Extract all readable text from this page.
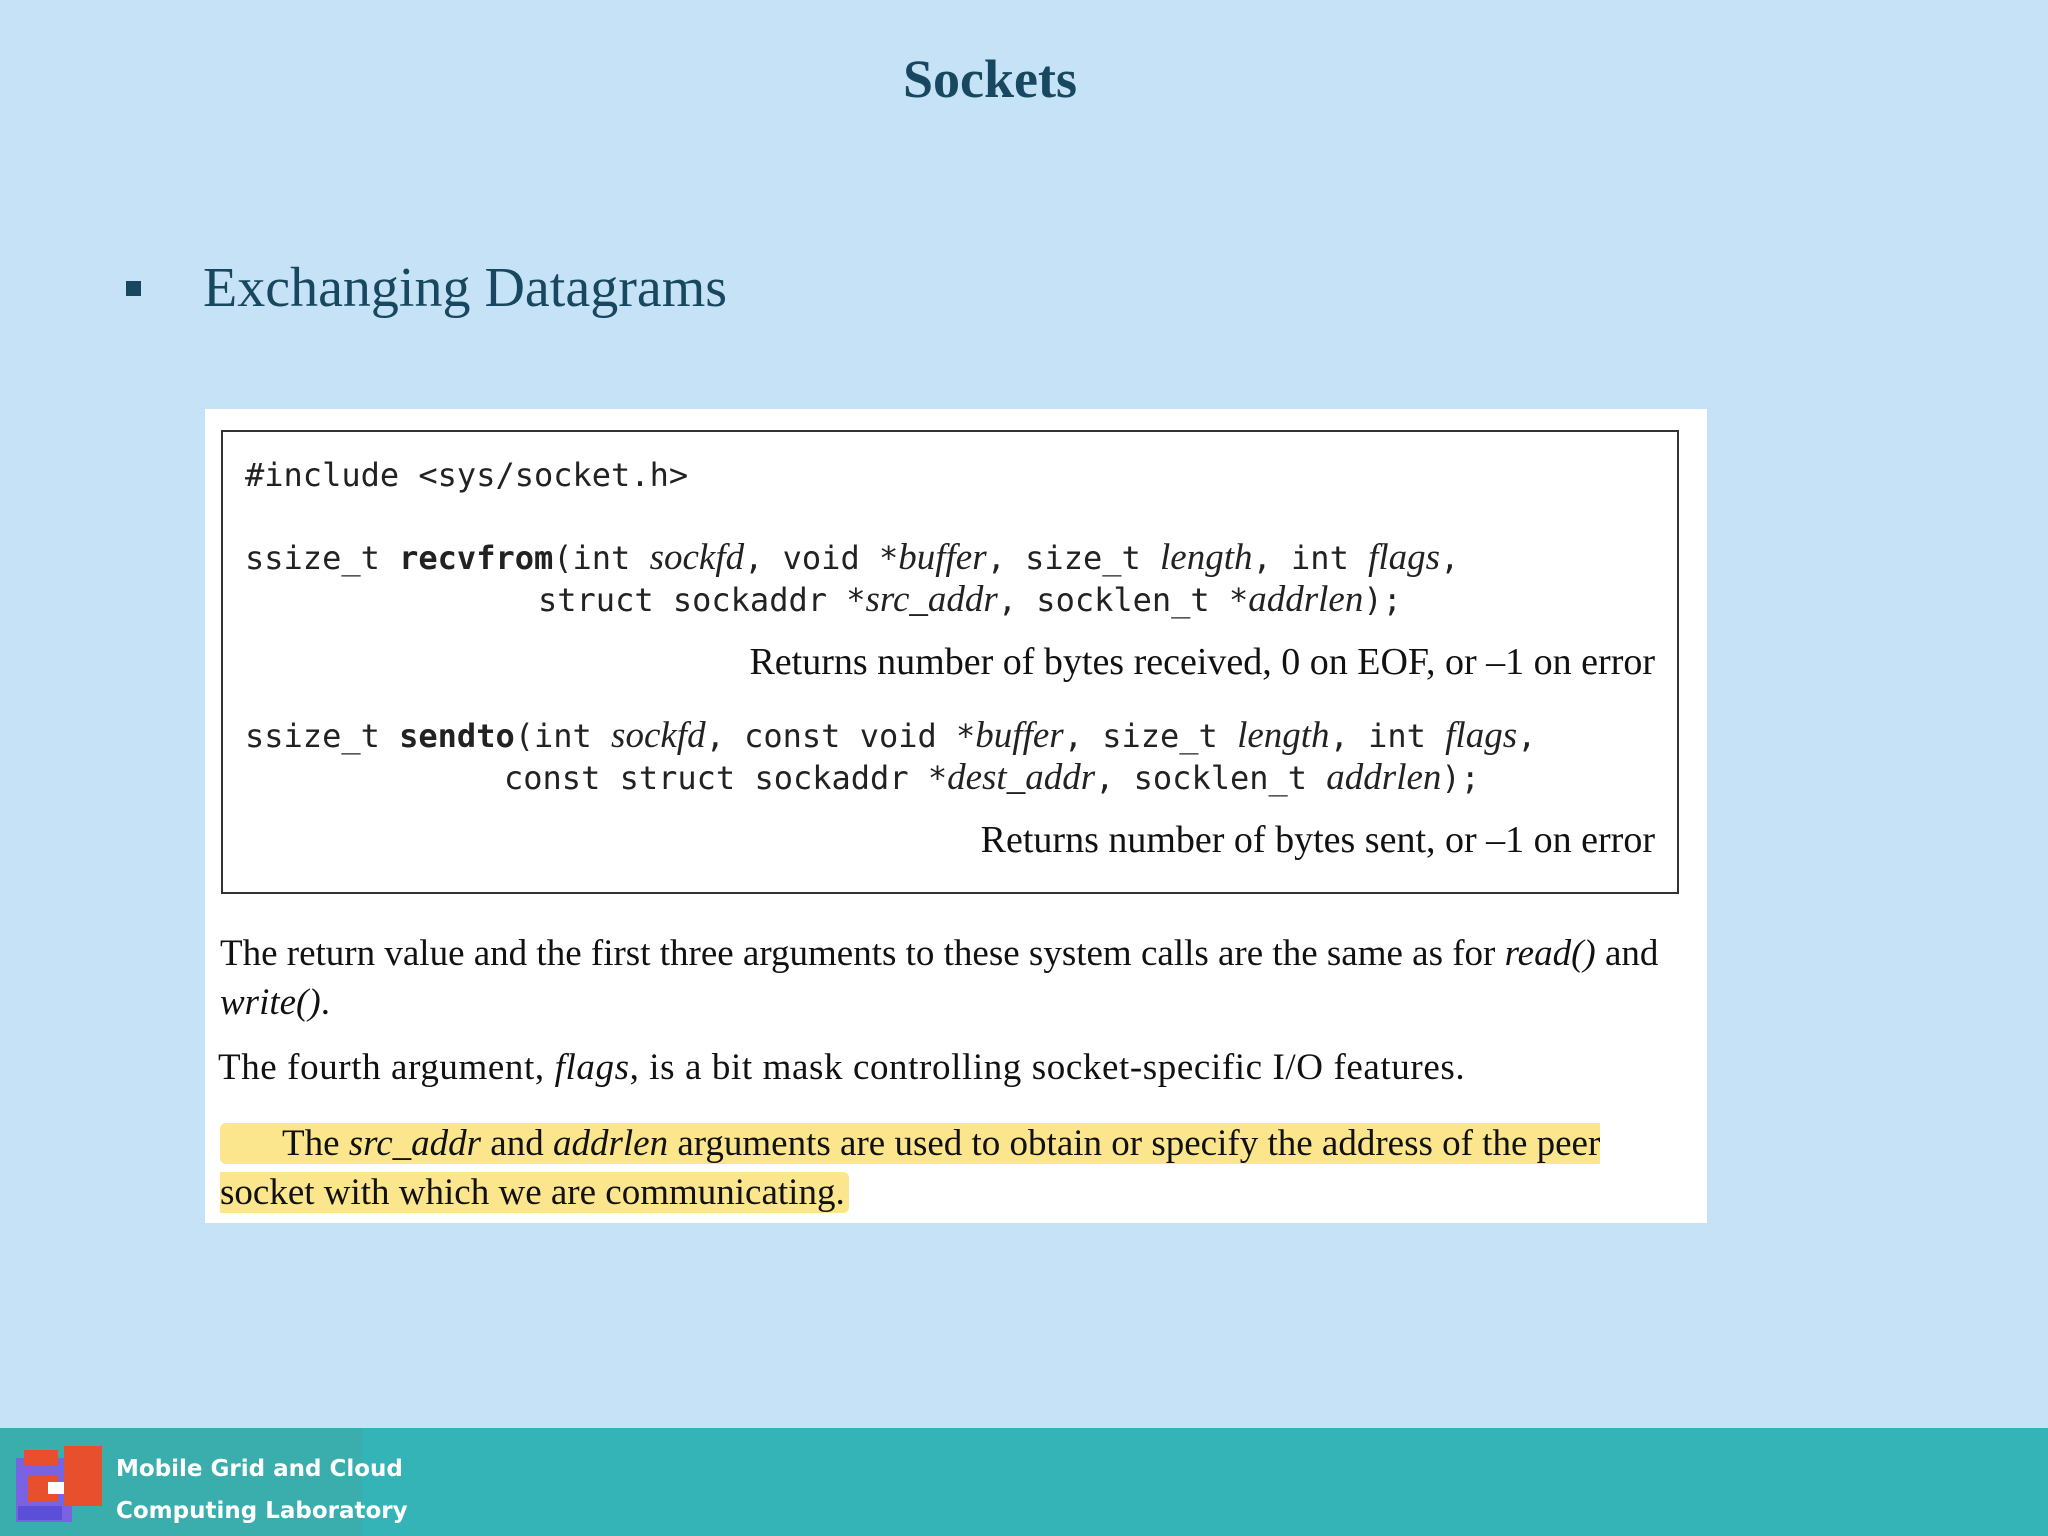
Sockets
Exchanging Datagrams
#include <sys/socket.h>
ssize_t recvfrom(int sockfd, void *buffer, size_t length, int flags,
struct sockaddr *src_addr, socklen_t *addrlen);
Returns number of bytes received, 0 on EOF, or –1 on error
ssize_t sendto(int sockfd, const void *buffer, size_t length, int flags,
const struct sockaddr *dest_addr, socklen_t addrlen);
Returns number of bytes sent, or –1 on error
The return value and the first three arguments to these system calls are the same as for read() and write().
The fourth argument, flags, is a bit mask controlling socket-specific I/O features.
The src_addr and addrlen arguments are used to obtain or specify the address of the peer socket with which we are communicating.
Mobile Grid and Cloud
Computing Laboratory
